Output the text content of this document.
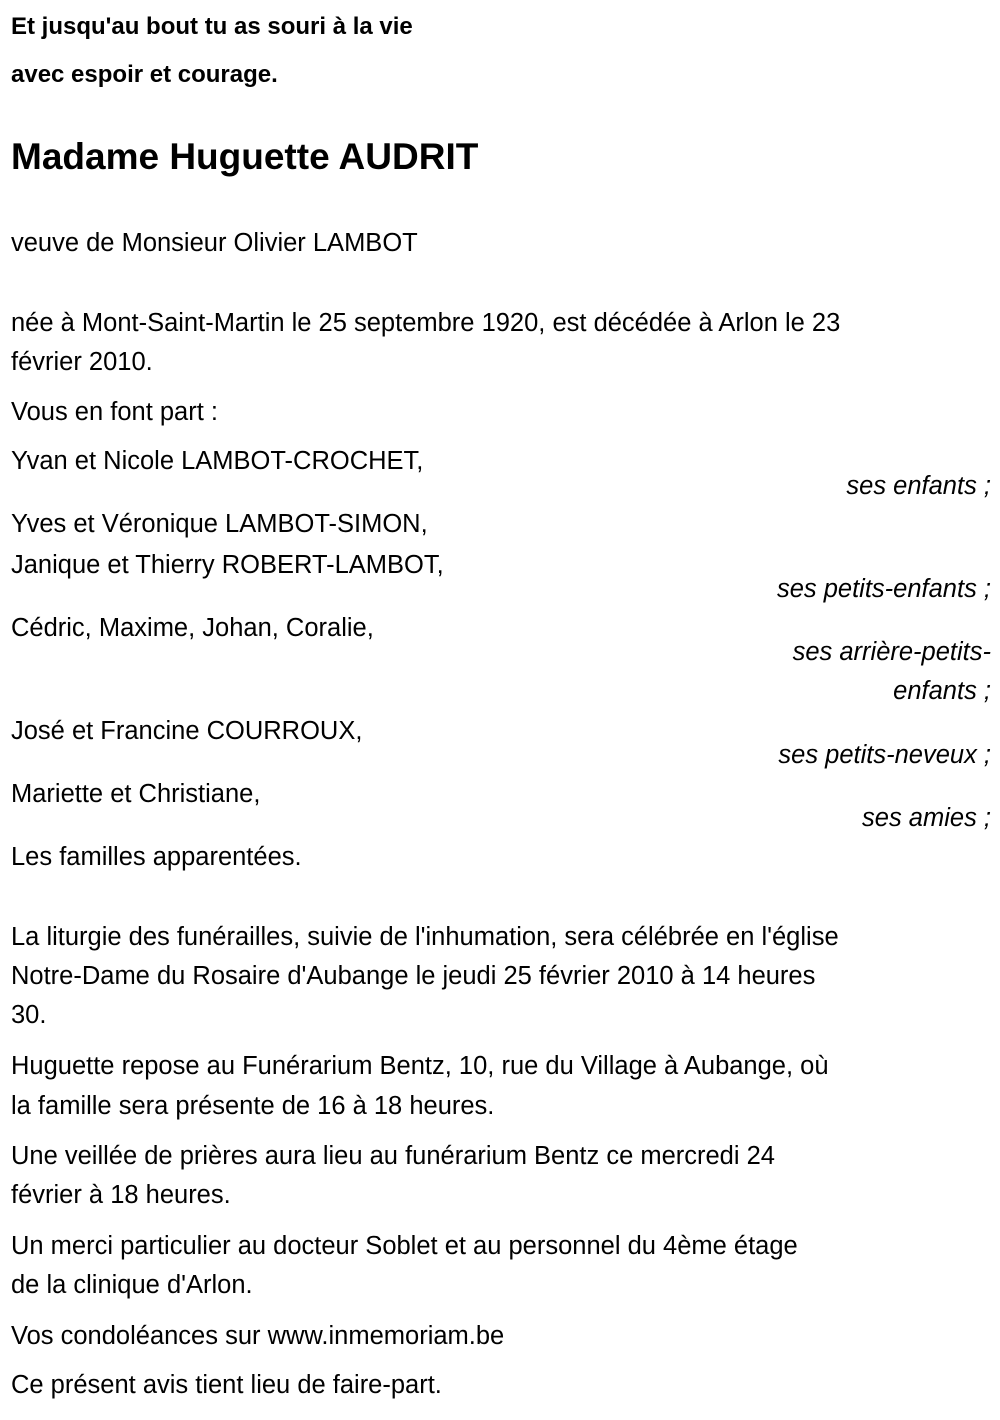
Et jusqu'au bout tu as souri à la vie
avec espoir et courage.
Madame Huguette AUDRIT
veuve de Monsieur Olivier LAMBOT
née à Mont-Saint-Martin le 25 septembre 1920, est décédée à Arlon le 23
février 2010.
Vous en font part :
Yvan et Nicole LAMBOT-CROCHET,
ses enfants ;
Yves et Véronique LAMBOT-SIMON,
Janique et Thierry ROBERT-LAMBOT,
ses petits-enfants ;
Cédric, Maxime, Johan, Coralie,
ses arrière-petits-
enfants ;
José et Francine COURROUX,
ses petits-neveux ;
Mariette et Christiane,
ses amies ;
Les familles apparentées.
La liturgie des funérailles, suivie de l'inhumation, sera célébrée en l'église
Notre-Dame du Rosaire d'Aubange le jeudi 25 février 2010 à 14 heures
30.
Huguette repose au Funérarium Bentz, 10, rue du Village à Aubange, où
la famille sera présente de 16 à 18 heures.
Une veillée de prières aura lieu au funérarium Bentz ce mercredi 24
février à 18 heures.
Un merci particulier au docteur Soblet et au personnel du 4ème étage
de la clinique d'Arlon.
Vos condoléances sur www.inmemoriam.be
Ce présent avis tient lieu de faire-part.
